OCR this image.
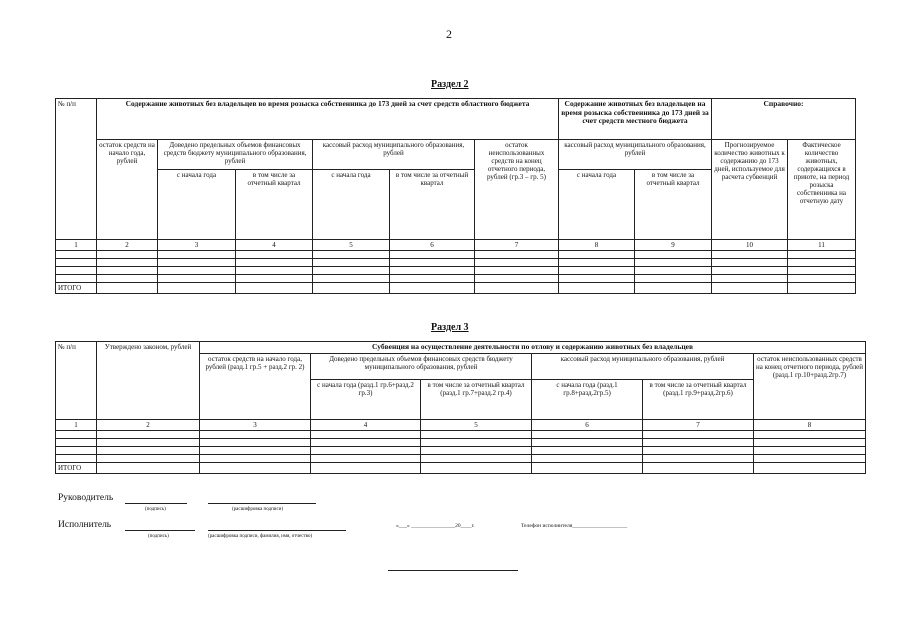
2
Раздел 2
№ п/п	Содержание животных без владельцев во время розыска собственника до 173 дней за счет средств областного бюджета						Содержание животных без владельцев на время розыска собственника до 173 дней за счет средств местного бюджета		Справочно:	
	остаток средств на начало года, рублей	Доведено предельных объемов финансовых средств бюджету муниципального образования, рублей		кассовый расход муниципального образования, рублей		остаток неиспользованных средств на конец отчетного периода, рублей (гр.3 – гр. 5)	кассовый расход муниципального образования, рублей		Прогнозируемое количество животных к содержанию до 173 дней, используемое для расчета субвенций	Фактическое количество животных, содержащихся в приюте, на период розыска собственника на отчетную дату
		с начала года	в том числе за отчетный квартал	с начала года	в том числе за отчетный квартал		с начала года	в том числе за отчетный квартал		
1	2	3	4	5	6	7	8	9	10	11

ИТОГО										
Раздел 3
№ п/п	Утверждено законом, рублей	Субвенция на осуществление деятельности по отлову и содержанию животных без владельцев					
		остаток средств на начало года, рублей (разд.1 гр.5 + разд.2 гр. 2)	Доведено предельных объемов финансовых средств бюджету муниципального образования, рублей		кассовый расход муниципального образования, рублей		остаток неиспользованных средств на конец отчетного периода, рублей (разд.1 гр.10+разд.2гр.7)
			с начала года (разд.1 гр.6+разд.2 гр.3)	в том числе за отчетный квартал (разд.1 гр.7+разд.2 гр.4)	с начала года (разд.1 гр.8+разд.2гр.5)	в том числе за отчетный квартал (разд.1 гр.9+разд.2гр.6)	
1	2	3	4	5	6	7	8

ИТОГО							
Руководитель
(подпись)	(расшифровка подписи)
Исполнитель
(подпись)	(расшифровка подписи, фамилия, имя, отчество)
«___» ________________20____г.	Телефон исполнителя____________________
